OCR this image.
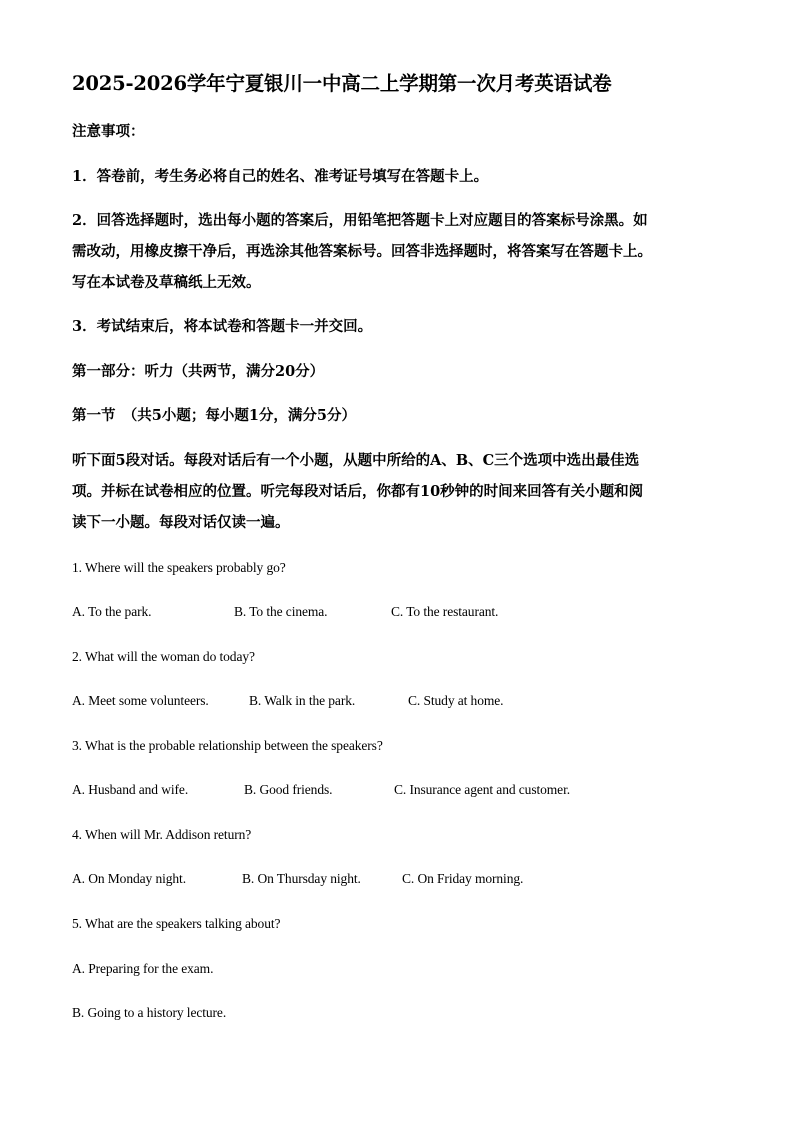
2025-2026学年宁夏银川一中高二上学期第一次月考英语试卷
注意事项：
1．答卷前，考生务必将自己的姓名、准考证号填写在答题卡上。
2．回答选择题时，选出每小题的答案后，用铅笔把答题卡上对应题目的答案标号涂黑。如
需改动，用橡皮擦干净后，再选涂其他答案标号。回答非选择题时，将答案写在答题卡上。
写在本试卷及草稿纸上无效。
3．考试结束后，将本试卷和答题卡一并交回。
第一部分：听力（共两节，满分20分）
第一节　（共5小题；每小题1分，满分5分）
听下面5段对话。每段对话后有一个小题，从题中所给的A、B、C三个选项中选出最佳选
项。并标在试卷相应的位置。听完每段对话后，你都有10秒钟的时间来回答有关小题和阅
读下一小题。每段对话仅读一遍。
1. Where will the speakers probably go?
A. To the park.	B. To the cinema.	C. To the restaurant.
2. What will the woman do today?
A. Meet some volunteers.	B. Walk in the park.	C. Study at home.
3. What is the probable relationship between the speakers?
A. Husband and wife.	B. Good friends.	C. Insurance agent and customer.
4. When will Mr. Addison return?
A. On Monday night.	B. On Thursday night.	C. On Friday morning.
5. What are the speakers talking about?
A. Preparing for the exam.
B. Going to a history lecture.
